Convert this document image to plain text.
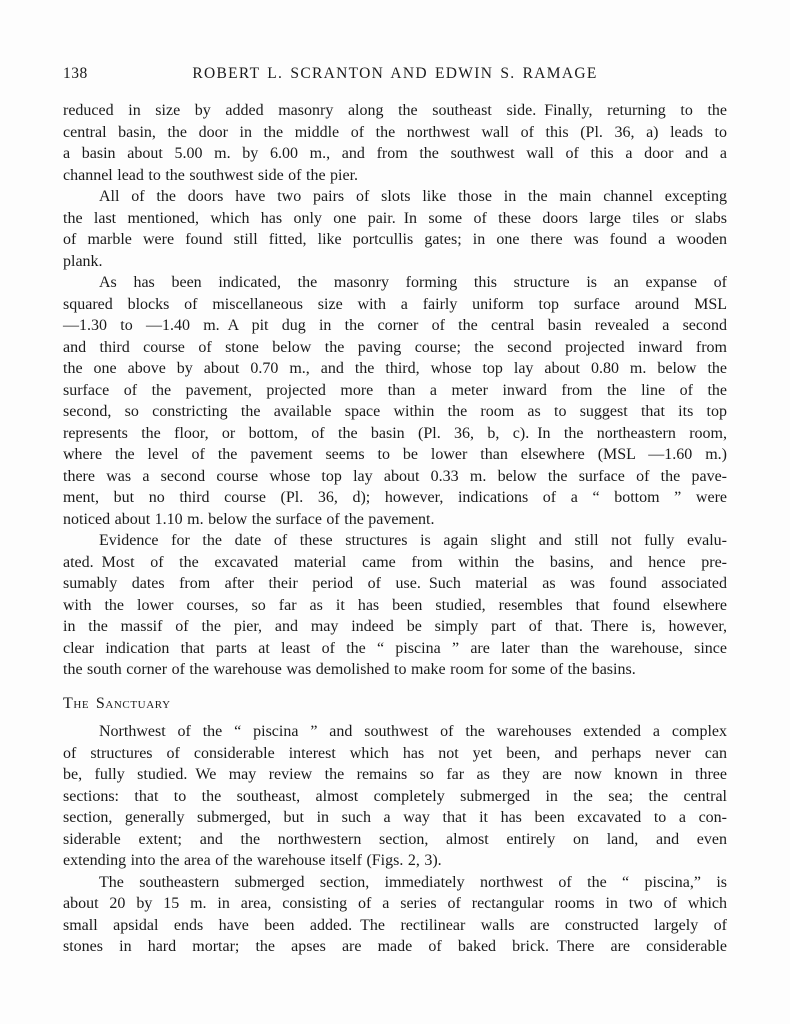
138	ROBERT L. SCRANTON AND EDWIN S. RAMAGE
reduced in size by added masonry along the southeast side. Finally, returning to the
central basin, the door in the middle of the northwest wall of this (Pl. 36, a) leads to
a basin about 5.00 m. by 6.00 m., and from the southwest wall of this a door and a
channel lead to the southwest side of the pier.
All of the doors have two pairs of slots like those in the main channel excepting
the last mentioned, which has only one pair. In some of these doors large tiles or slabs
of marble were found still fitted, like portcullis gates; in one there was found a wooden
plank.
As has been indicated, the masonry forming this structure is an expanse of
squared blocks of miscellaneous size with a fairly uniform top surface around MSL
—1.30 to —1.40 m. A pit dug in the corner of the central basin revealed a second
and third course of stone below the paving course; the second projected inward from
the one above by about 0.70 m., and the third, whose top lay about 0.80 m. below the
surface of the pavement, projected more than a meter inward from the line of the
second, so constricting the available space within the room as to suggest that its top
represents the floor, or bottom, of the basin (Pl. 36, b, c). In the northeastern room,
where the level of the pavement seems to be lower than elsewhere (MSL —1.60 m.)
there was a second course whose top lay about 0.33 m. below the surface of the pave-
ment, but no third course (Pl. 36, d); however, indications of a “ bottom ” were
noticed about 1.10 m. below the surface of the pavement.
Evidence for the date of these structures is again slight and still not fully evalu-
ated. Most of the excavated material came from within the basins, and hence pre-
sumably dates from after their period of use. Such material as was found associated
with the lower courses, so far as it has been studied, resembles that found elsewhere
in the massif of the pier, and may indeed be simply part of that. There is, however,
clear indication that parts at least of the “ piscina ” are later than the warehouse, since
the south corner of the warehouse was demolished to make room for some of the basins.
The Sanctuary
Northwest of the “ piscina ” and southwest of the warehouses extended a complex
of structures of considerable interest which has not yet been, and perhaps never can
be, fully studied. We may review the remains so far as they are now known in three
sections: that to the southeast, almost completely submerged in the sea; the central
section, generally submerged, but in such a way that it has been excavated to a con-
siderable extent; and the northwestern section, almost entirely on land, and even
extending into the area of the warehouse itself (Figs. 2, 3).
The southeastern submerged section, immediately northwest of the “ piscina,” is
about 20 by 15 m. in area, consisting of a series of rectangular rooms in two of which
small apsidal ends have been added. The rectilinear walls are constructed largely of
stones in hard mortar; the apses are made of baked brick. There are considerable
